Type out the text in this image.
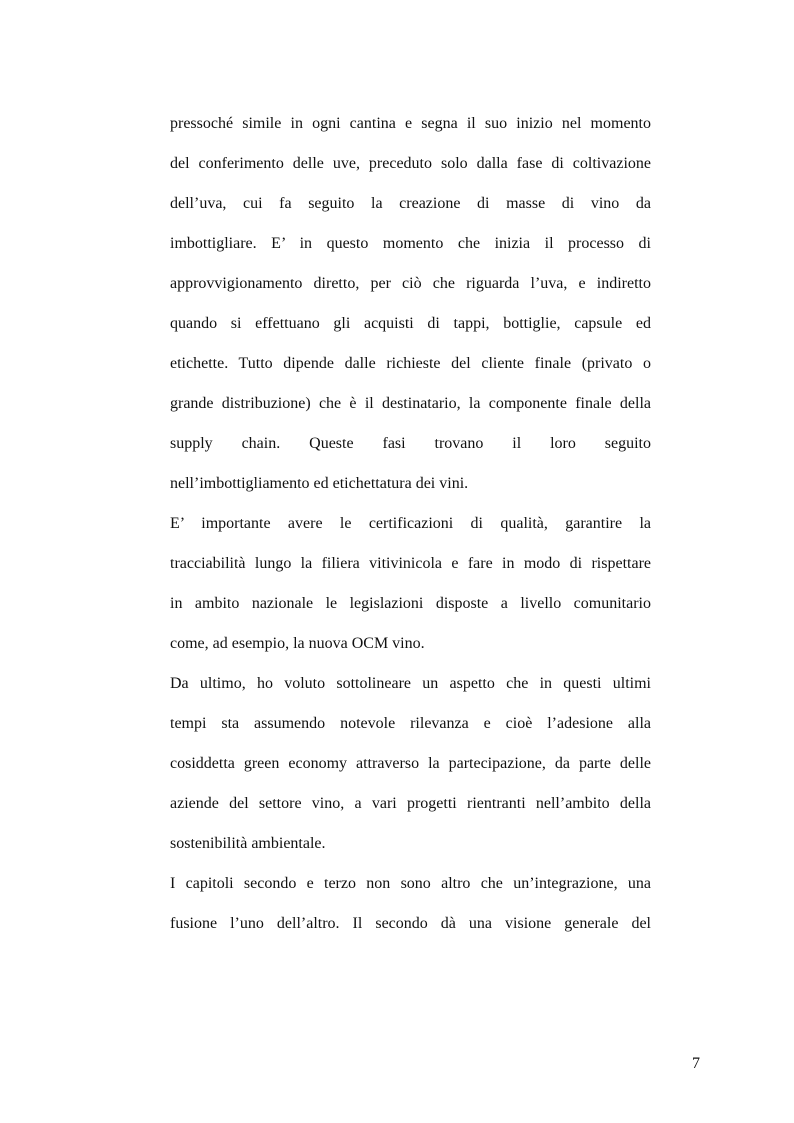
pressoché simile in ogni cantina e segna il suo inizio nel momento
del conferimento delle uve, preceduto solo dalla fase di coltivazione
dell’uva, cui fa seguito la creazione di masse di vino da
imbottigliare. E’ in questo momento che inizia il processo di
approvvigionamento diretto, per ciò che riguarda l’uva, e indiretto
quando si effettuano gli acquisti di tappi, bottiglie, capsule ed
etichette. Tutto dipende dalle richieste del cliente finale (privato o
grande distribuzione) che è il destinatario, la componente finale della
supply chain. Queste fasi trovano il loro seguito
nell’imbottigliamento ed etichettatura dei vini.
E’ importante avere le certificazioni di qualità, garantire la
tracciabilità lungo la filiera vitivinicola e fare in modo di rispettare
in ambito nazionale le legislazioni disposte a livello comunitario
come, ad esempio, la nuova OCM vino.
Da ultimo, ho voluto sottolineare un aspetto che in questi ultimi
tempi sta assumendo notevole rilevanza e cioè l’adesione alla
cosiddetta green economy attraverso la partecipazione, da parte delle
aziende del settore vino, a vari progetti rientranti nell’ambito della
sostenibilità ambientale.
I capitoli secondo e terzo non sono altro che un’integrazione, una
fusione l’uno dell’altro. Il secondo dà una visione generale del
7
